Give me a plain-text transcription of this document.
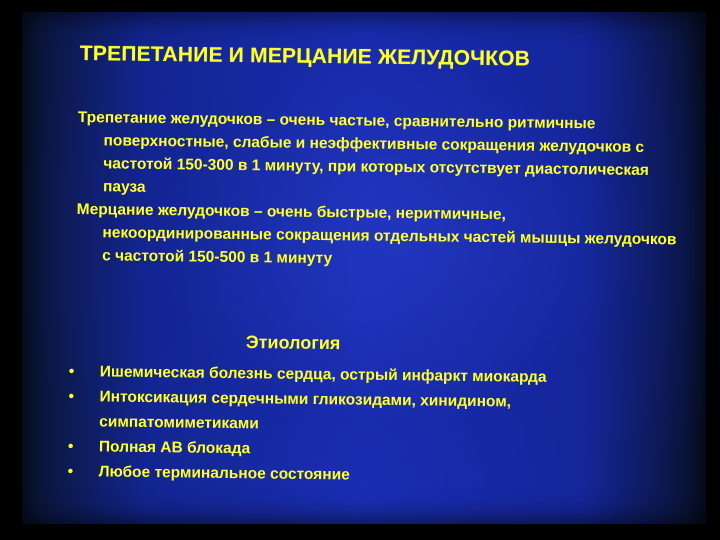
ТРЕПЕТАНИЕ И МЕРЦАНИЕ ЖЕЛУДОЧКОВ

Трепетание желудочков – очень частые, сравнительно ритмичные поверхностные, слабые и неэффективные сокращения желудочков с частотой 150-300 в 1 минуту, при которых отсутствует диастолическая пауза

Мерцание желудочков – очень быстрые, неритмичные, некоординированные сокращения отдельных частей мышцы желудочков с частотой 150-500 в 1 минуту

Этиология
• Ишемическая болезнь сердца, острый инфаркт миокарда
• Интоксикация сердечными гликозидами, хинидином, симпатомиметиками
• Полная АВ блокада
• Любое терминальное состояние
